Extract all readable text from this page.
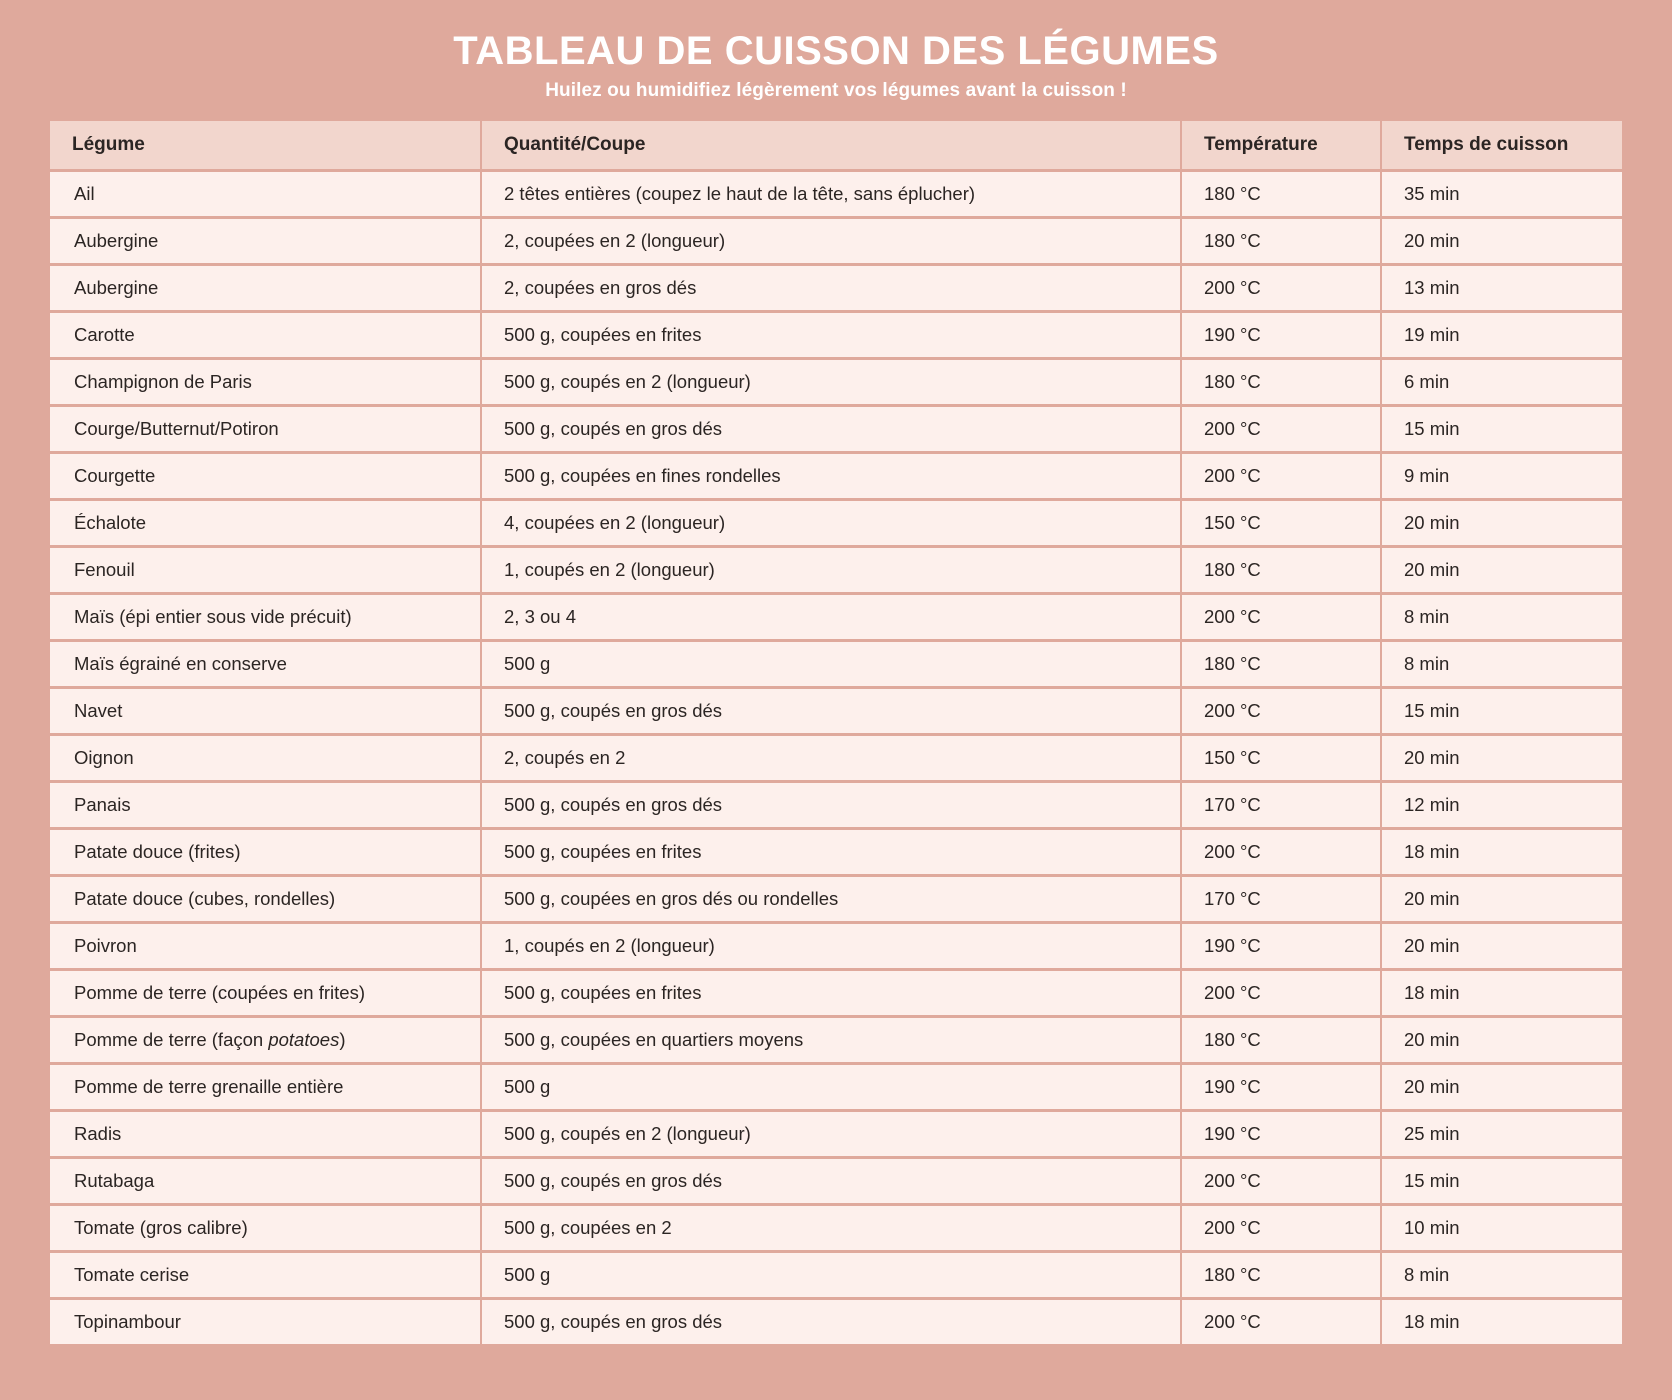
TABLEAU DE CUISSON DES LÉGUMES

Huilez ou humidifiez légèrement vos légumes avant la cuisson !

Légume	Quantité/Coupe	Température	Temps de cuisson
Ail	2 têtes entières (coupez le haut de la tête, sans éplucher)	180 °C	35 min
Aubergine	2, coupées en 2 (longueur)	180 °C	20 min
Aubergine	2, coupées en gros dés	200 °C	13 min
Carotte	500 g, coupées en frites	190 °C	19 min
Champignon de Paris	500 g, coupés en 2 (longueur)	180 °C	6 min
Courge/Butternut/Potiron	500 g, coupés en gros dés	200 °C	15 min
Courgette	500 g, coupées en fines rondelles	200 °C	9 min
Échalote	4, coupées en 2 (longueur)	150 °C	20 min
Fenouil	1, coupés en 2 (longueur)	180 °C	20 min
Maïs (épi entier sous vide précuit)	2, 3 ou 4	200 °C	8 min
Maïs égrainé en conserve	500 g	180 °C	8 min
Navet	500 g, coupés en gros dés	200 °C	15 min
Oignon	2, coupés en 2	150 °C	20 min
Panais	500 g, coupés en gros dés	170 °C	12 min
Patate douce (frites)	500 g, coupées en frites	200 °C	18 min
Patate douce (cubes, rondelles)	500 g, coupées en gros dés ou rondelles	170 °C	20 min
Poivron	1, coupés en 2 (longueur)	190 °C	20 min
Pomme de terre (coupées en frites)	500 g, coupées en frites	200 °C	18 min
Pomme de terre (façon potatoes)	500 g, coupées en quartiers moyens	180 °C	20 min
Pomme de terre grenaille entière	500 g	190 °C	20 min
Radis	500 g, coupés en 2 (longueur)	190 °C	25 min
Rutabaga	500 g, coupés en gros dés	200 °C	15 min
Tomate (gros calibre)	500 g, coupées en 2	200 °C	10 min
Tomate cerise	500 g	180 °C	8 min
Topinambour	500 g, coupés en gros dés	200 °C	18 min
